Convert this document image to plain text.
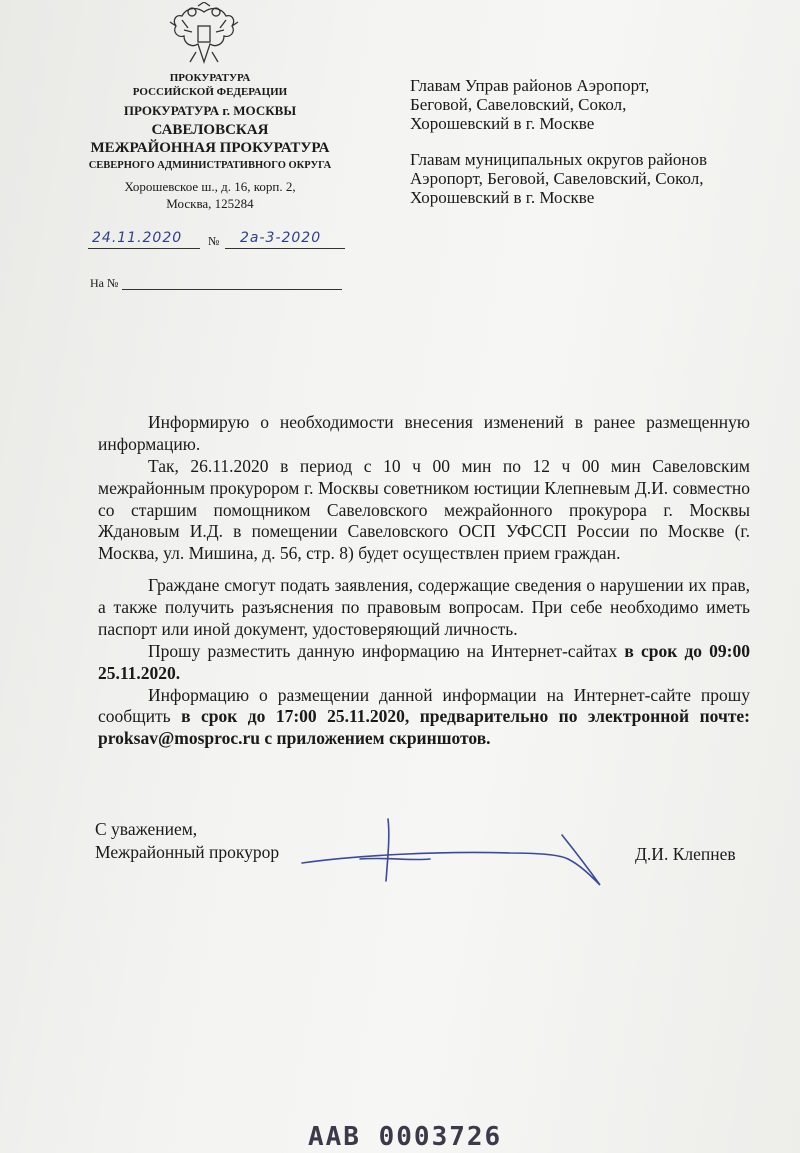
ПРОКУРАТУРА
РОССИЙСКОЙ ФЕДЕРАЦИИ
ПРОКУРАТУРА г. МОСКВЫ
САВЕЛОВСКАЯ
МЕЖРАЙОННАЯ ПРОКУРАТУРА
СЕВЕРНОГО АДМИНИСТРАТИВНОГО ОКРУГА
Хорошевское ш., д. 16, корп. 2,
Москва, 125284
24.11.2020 № 2а-3-2020
На №
Главам Управ районов Аэропорт, Беговой, Савеловский, Сокол, Хорошевский в г. Москве
Главам муниципальных округов районов Аэропорт, Беговой, Савеловский, Сокол, Хорошевский в г. Москве

Информирую о необходимости внесения изменений в ранее размещенную информацию.

Так, 26.11.2020 в период с 10 ч 00 мин по 12 ч 00 мин Савеловским межрайонным прокурором г. Москвы советником юстиции Клепневым Д.И. совместно со старшим помощником Савеловского межрайонного прокурора г. Москвы Ждановым И.Д. в помещении Савеловского ОСП УФССП России по Москве (г. Москва, ул. Мишина, д. 56, стр. 8) будет осуществлен прием граждан.

Граждане смогут подать заявления, содержащие сведения о нарушении их прав, а также получить разъяснения по правовым вопросам. При себе необходимо иметь паспорт или иной документ, удостоверяющий личность.

Прошу разместить данную информацию на Интернет-сайтах в срок до 09:00 25.11.2020.

Информацию о размещении данной информации на Интернет-сайте прошу сообщить в срок до 17:00 25.11.2020, предварительно по электронной почте: proksav@mosproc.ru с приложением скриншотов.

С уважением,
Межрайонный прокурор	Д.И. Клепнев
ААВ 0003726
